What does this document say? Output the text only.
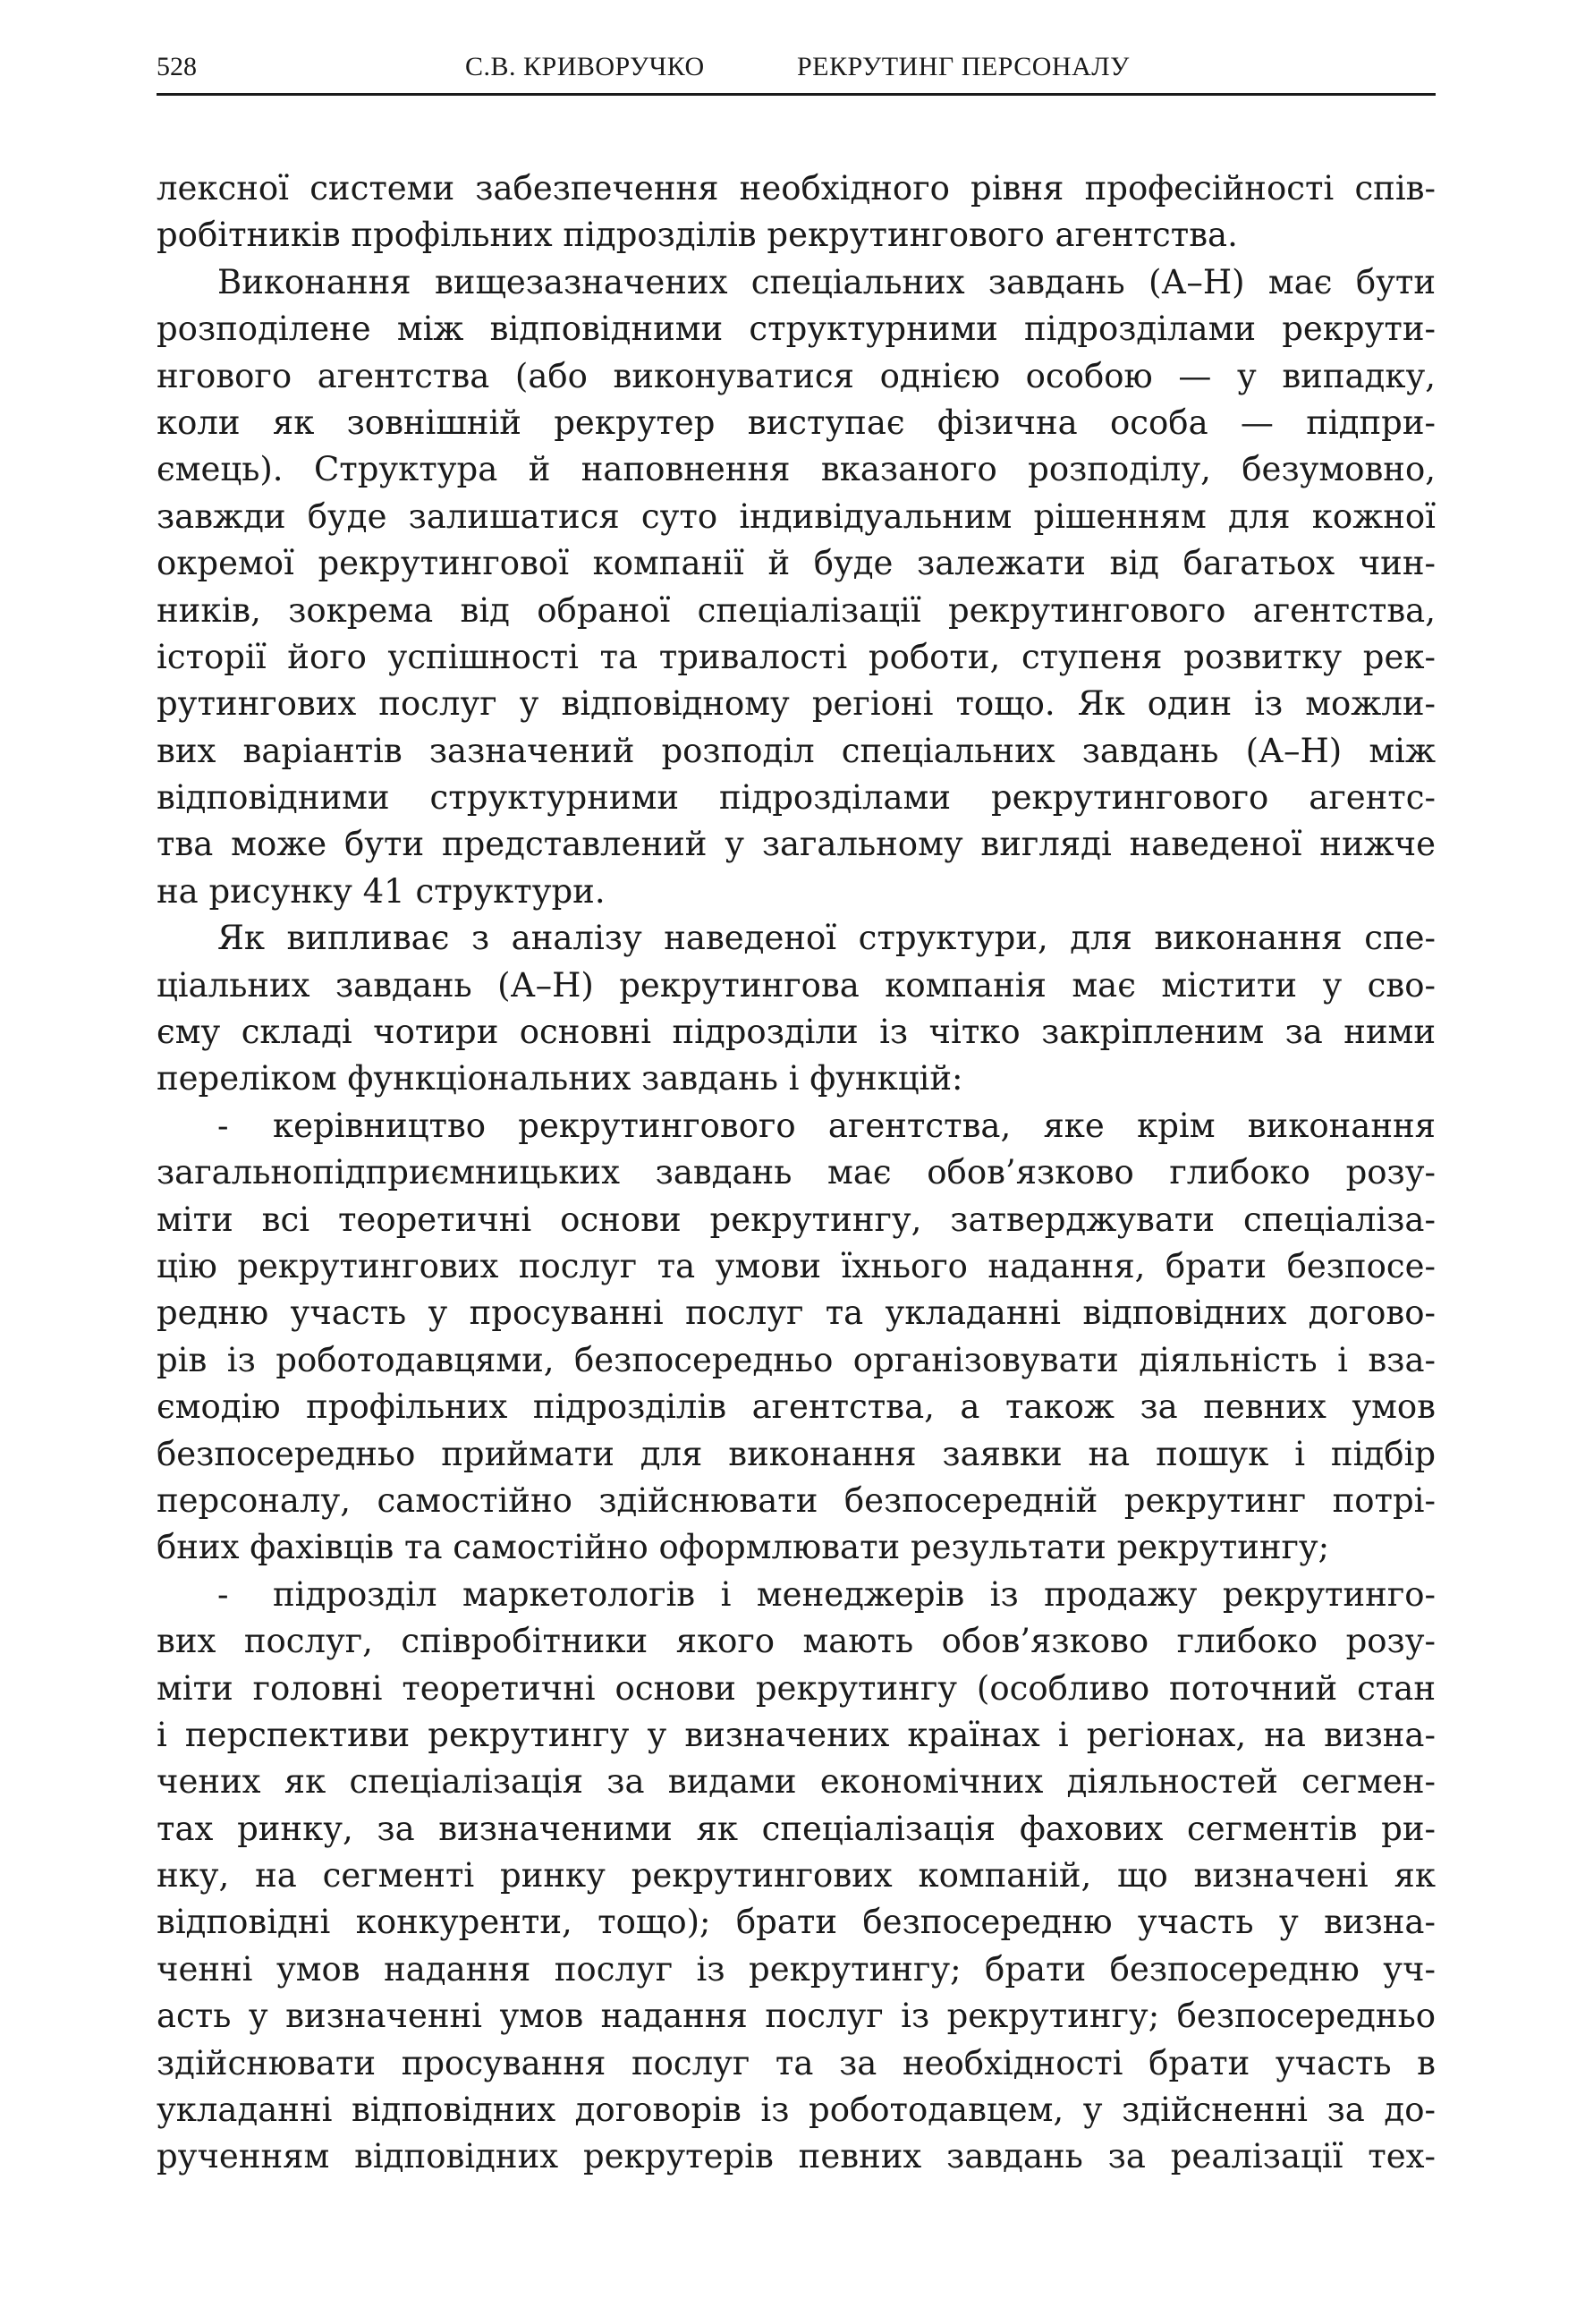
528	С.В. КРИВОРУЧКО	РЕКРУТИНГ ПЕРСОНАЛУ
лексної системи забезпечення необхідного рівня професійності спів-
робітників профільних підрозділів рекрутингового агентства.
Виконання вищезазначених спеціальних завдань (А–Н) має бути
розподілене між відповідними структурними підрозділами рекрути-
нгового агентства (або виконуватися однією особою — у випадку,
коли як зовнішній рекрутер виступає фізична особа — підпри-
ємець). Структура й наповнення вказаного розподілу, безумовно,
завжди буде залишатися суто індивідуальним рішенням для кожної
окремої рекрутингової компанії й буде залежати від багатьох чин-
ників, зокрема від обраної спеціалізації рекрутингового агентства,
історії його успішності та тривалості роботи, ступеня розвитку рек-
рутингових послуг у відповідному регіоні тощо. Як один із можли-
вих варіантів зазначений розподіл спеціальних завдань (А–Н) між
відповідними структурними підрозділами рекрутингового агентс-
тва може бути представлений у загальному вигляді наведеної нижче
на рисунку 41 структури.
Як випливає з аналізу наведеної структури, для виконання спе-
ціальних завдань (А–Н) рекрутингова компанія має містити у сво-
єму складі чотири основні підрозділи із чітко закріпленим за ними
переліком функціональних завдань і функцій:
- керівництво рекрутингового агентства, яке крім виконання
загальнопідприємницьких завдань має обов’язково глибоко розу-
міти всі теоретичні основи рекрутингу, затверджувати спеціаліза-
цію рекрутингових послуг та умови їхнього надання, брати безпосе-
редню участь у просуванні послуг та укладанні відповідних догово-
рів із роботодавцями, безпосередньо організовувати діяльність і вза-
ємодію профільних підрозділів агентства, а також за певних умов
безпосередньо приймати для виконання заявки на пошук і підбір
персоналу, самостійно здійснювати безпосередній рекрутинг потрі-
бних фахівців та самостійно оформлювати результати рекрутингу;
- підрозділ маркетологів і менеджерів із продажу рекрутинго-
вих послуг, співробітники якого мають обов’язково глибоко розу-
міти головні теоретичні основи рекрутингу (особливо поточний стан
і перспективи рекрутингу у визначених країнах і регіонах, на визна-
чених як спеціалізація за видами економічних діяльностей сегмен-
тах ринку, за визначеними як спеціалізація фахових сегментів ри-
нку, на сегменті ринку рекрутингових компаній, що визначені як
відповідні конкуренти, тощо); брати безпосередню участь у визна-
ченні умов надання послуг із рекрутингу; брати безпосередню уч-
асть у визначенні умов надання послуг із рекрутингу; безпосередньо
здійснювати просування послуг та за необхідності брати участь в
укладанні відповідних договорів із роботодавцем, у здійсненні за до-
рученням відповідних рекрутерів певних завдань за реалізації тех-
